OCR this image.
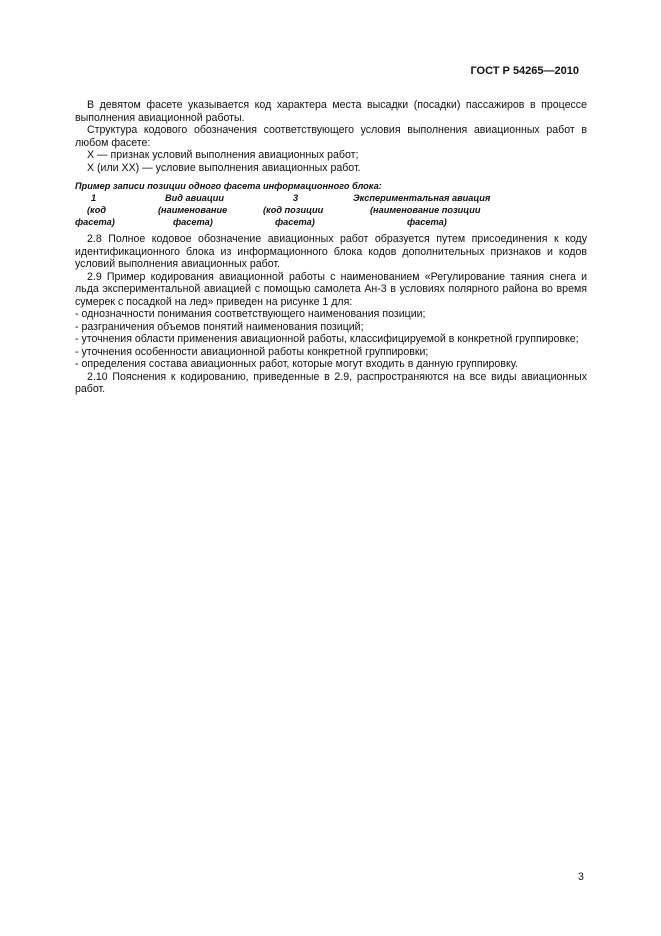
ГОСТ Р 54265—2010

В девятом фасете указывается код характера места высадки (посадки) пассажиров в процессе выполнения авиационной работы.

Структура кодового обозначения соответствующего условия выполнения авиационных работ в любом фасете:

X — признак условий выполнения авиационных работ;

X (или XX) — условие выполнения авиационных работ.

Пример записи позиции одного фасета информационного блока:
1	Вид авиации	3	Экспериментальная авиация
(код	(наименование	(код позиции	(наименование позиции
фасета)	фасета)	фасета)	фасета)

2.8 Полное кодовое обозначение авиационных работ образуется путем присоединения к коду идентификационного блока из информационного блока кодов дополнительных признаков и кодов условий выполнения авиационных работ.

2.9 Пример кодирования авиационной работы с наименованием «Регулирование таяния снега и льда экспериментальной авиацией с помощью самолета Ан-3 в условиях полярного района во время сумерек с посадкой на лед» приведен на рисунке 1 для:

- однозначности понимания соответствующего наименования позиции;

- разграничения объемов понятий наименования позиций;

- уточнения области применения авиационной работы, классифицируемой в конкретной группировке;

- уточнения особенности авиационной работы конкретной группировки;

- определения состава авиационных работ, которые могут входить в данную группировку.

2.10 Пояснения к кодированию, приведенные в 2.9, распространяются на все виды авиационных работ.

3
